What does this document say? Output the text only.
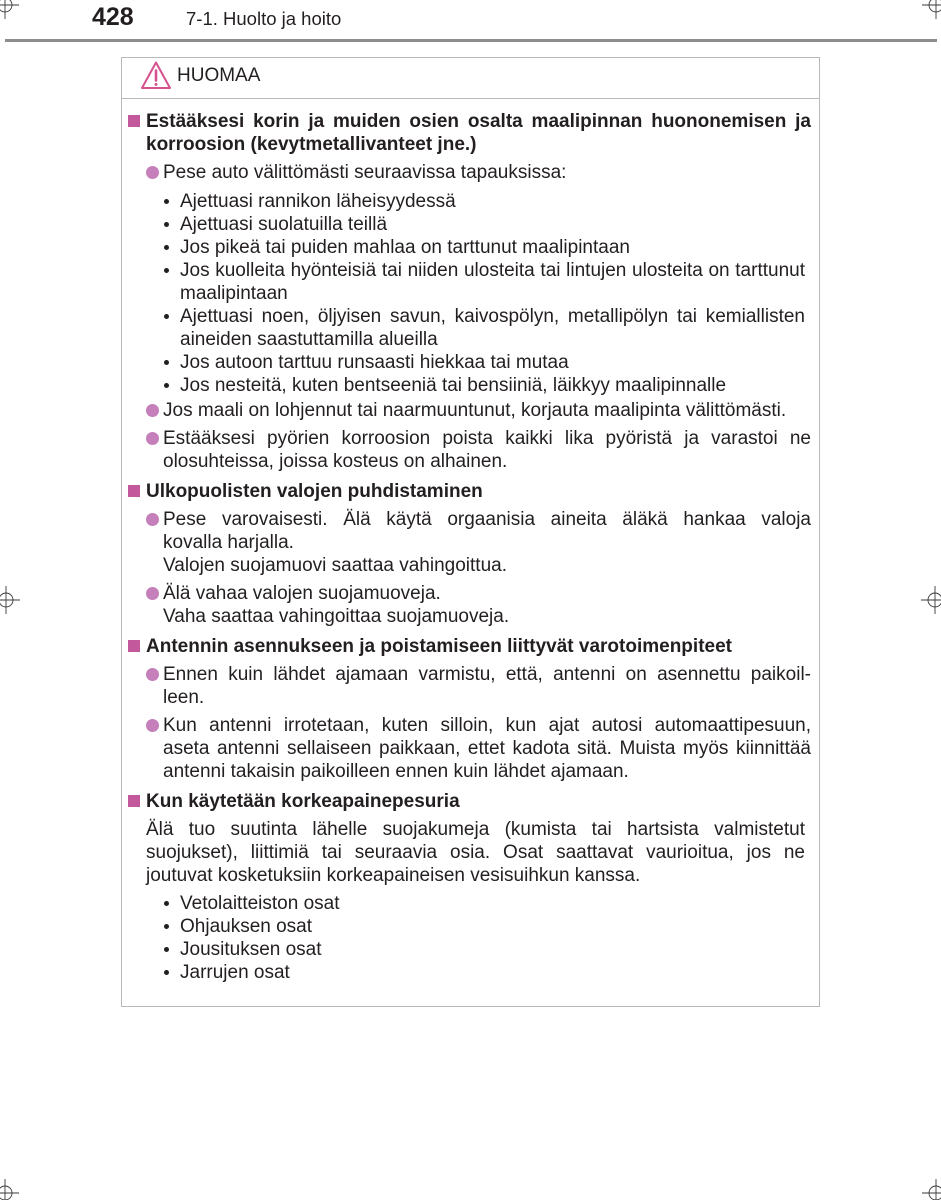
428	7-1. Huolto ja hoito
HUOMAA
Estääksesi korin ja muiden osien osalta maalipinnan huononemisen ja
korroosion (kevytmetallivanteet jne.)
Pese auto välittömästi seuraavissa tapauksissa:
Ajettuasi rannikon läheisyydessä
Ajettuasi suolatuilla teillä
Jos pikeä tai puiden mahlaa on tarttunut maalipintaan
Jos kuolleita hyönteisiä tai niiden ulosteita tai lintujen ulosteita on tarttunut
maalipintaan
Ajettuasi noen, öljyisen savun, kaivospölyn, metallipölyn tai kemiallisten
aineiden saastuttamilla alueilla
Jos autoon tarttuu runsaasti hiekkaa tai mutaa
Jos nesteitä, kuten bentseeniä tai bensiiniä, läikkyy maalipinnalle
Jos maali on lohjennut tai naarmuuntunut, korjauta maalipinta välittömästi.
Estääksesi pyörien korroosion poista kaikki lika pyöristä ja varastoi ne
olosuhteissa, joissa kosteus on alhainen.
Ulkopuolisten valojen puhdistaminen
Pese varovaisesti. Älä käytä orgaanisia aineita äläkä hankaa valoja
kovalla harjalla.
Valojen suojamuovi saattaa vahingoittua.
Älä vahaa valojen suojamuoveja.
Vaha saattaa vahingoittaa suojamuoveja.
Antennin asennukseen ja poistamiseen liittyvät varotoimenpiteet
Ennen kuin lähdet ajamaan varmistu, että, antenni on asennettu paikoil-
leen.
Kun antenni irrotetaan, kuten silloin, kun ajat autosi automaattipesuun,
aseta antenni sellaiseen paikkaan, ettet kadota sitä. Muista myös kiinnittää
antenni takaisin paikoilleen ennen kuin lähdet ajamaan.
Kun käytetään korkeapainepesuria
Älä tuo suutinta lähelle suojakumeja (kumista tai hartsista valmistetut
suojukset), liittimiä tai seuraavia osia. Osat saattavat vaurioitua, jos ne
joutuvat kosketuksiin korkeapaineisen vesisuihkun kanssa.
Vetolaitteiston osat
Ohjauksen osat
Jousituksen osat
Jarrujen osat
